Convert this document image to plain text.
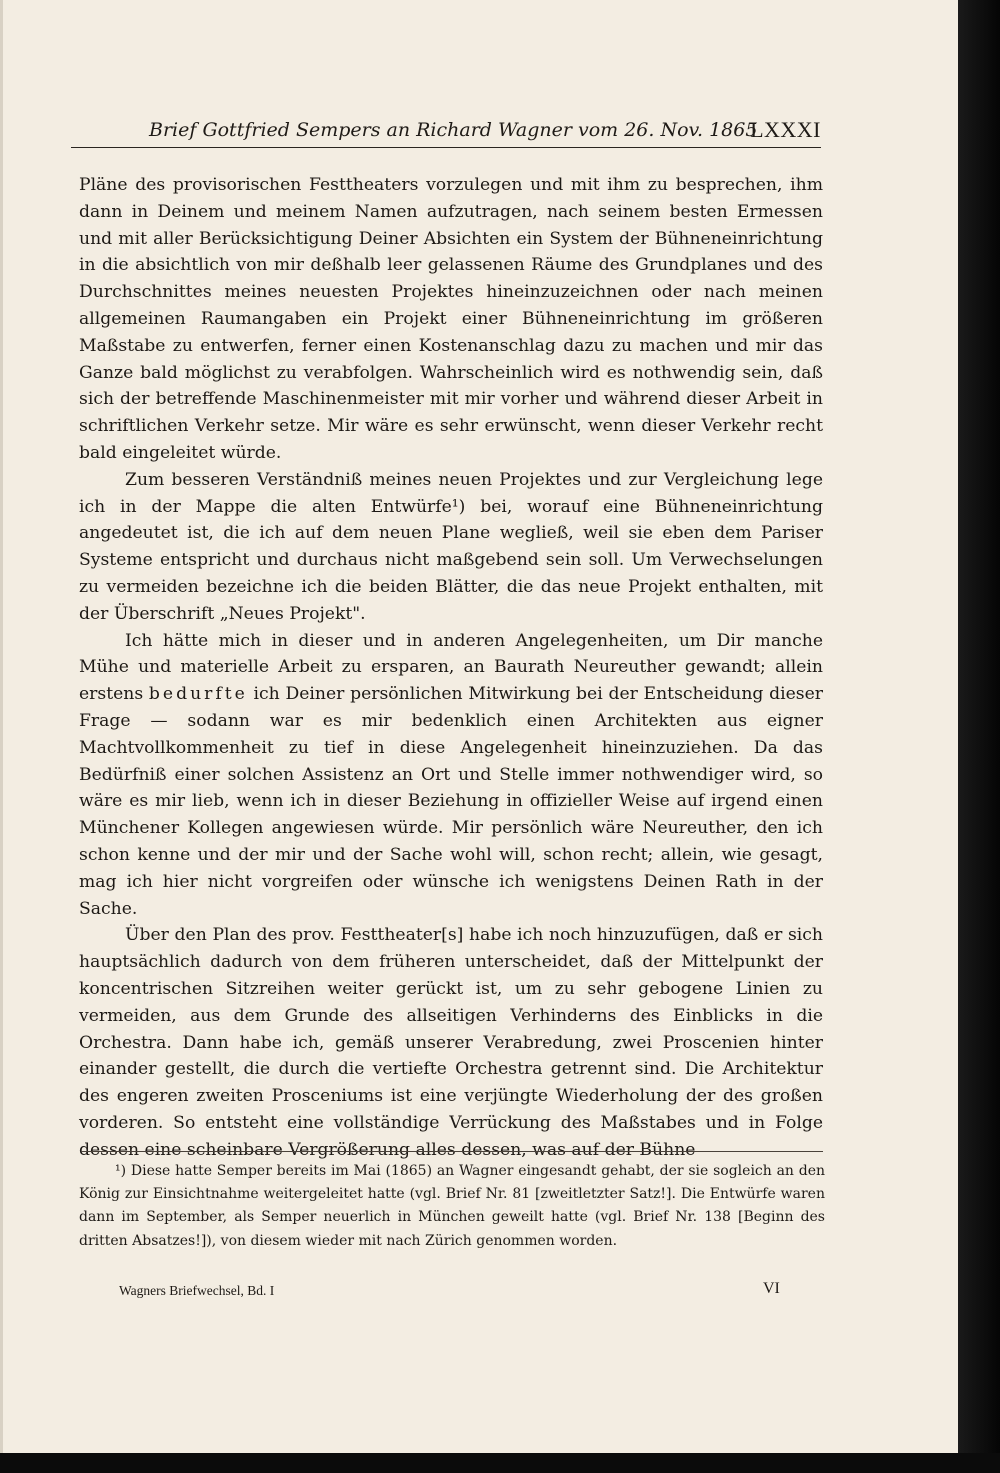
Brief Gottfried Sempers an Richard Wagner vom 26. Nov. 1865
LXXXI

Pläne des provisorischen Festtheaters vorzulegen und mit ihm zu besprechen, ihm dann in Deinem und meinem Namen aufzutragen, nach seinem besten Ermessen und mit aller Berücksichtigung Deiner Absichten ein System der Bühneneinrichtung in die absichtlich von mir deßhalb leer gelassenen Räume des Grundplanes und des Durchschnittes meines neuesten Projektes hineinzuzeichnen oder nach meinen allgemeinen Raumangaben ein Projekt einer Bühneneinrichtung im größeren Maßstabe zu entwerfen, ferner einen Kostenanschlag dazu zu machen und mir das Ganze bald möglichst zu verabfolgen. Wahrscheinlich wird es nothwendig sein, daß sich der betreffende Maschinenmeister mit mir vorher und während dieser Arbeit in schriftlichen Verkehr setze. Mir wäre es sehr erwünscht, wenn dieser Verkehr recht bald eingeleitet würde.

Zum besseren Verständniß meines neuen Projektes und zur Vergleichung lege ich in der Mappe die alten Entwürfe¹) bei, worauf eine Bühneneinrichtung angedeutet ist, die ich auf dem neuen Plane wegließ, weil sie eben dem Pariser Systeme entspricht und durchaus nicht maßgebend sein soll. Um Verwechselungen zu vermeiden bezeichne ich die beiden Blätter, die das neue Projekt enthalten, mit der Überschrift „Neues Projekt".

Ich hätte mich in dieser und in anderen Angelegenheiten, um Dir manche Mühe und materielle Arbeit zu ersparen, an Baurath Neureuther gewandt; allein erstens bedurfte ich Deiner persönlichen Mitwirkung bei der Entscheidung dieser Frage — sodann war es mir bedenklich einen Architekten aus eigner Machtvollkommenheit zu tief in diese Angelegenheit hineinzuziehen. Da das Bedürfniß einer solchen Assistenz an Ort und Stelle immer nothwendiger wird, so wäre es mir lieb, wenn ich in dieser Beziehung in offizieller Weise auf irgend einen Münchener Kollegen angewiesen würde. Mir persönlich wäre Neureuther, den ich schon kenne und der mir und der Sache wohl will, schon recht; allein, wie gesagt, mag ich hier nicht vorgreifen oder wünsche ich wenigstens Deinen Rath in der Sache.

Über den Plan des prov. Festtheater[s] habe ich noch hinzuzufügen, daß er sich hauptsächlich dadurch von dem früheren unterscheidet, daß der Mittelpunkt der koncentrischen Sitzreihen weiter gerückt ist, um zu sehr gebogene Linien zu vermeiden, aus dem Grunde des allseitigen Verhinderns des Einblicks in die Orchestra. Dann habe ich, gemäß unserer Verabredung, zwei Proscenien hinter einander gestellt, die durch die vertiefte Orchestra getrennt sind. Die Architektur des engeren zweiten Prosceniums ist eine verjüngte Wiederholung der des großen vorderen. So entsteht eine vollständige Verrückung des Maßstabes und in Folge dessen eine scheinbare Vergrößerung alles dessen, was auf der Bühne

¹) Diese hatte Semper bereits im Mai (1865) an Wagner eingesandt gehabt, der sie sogleich an den König zur Einsichtnahme weitergeleitet hatte (vgl. Brief Nr. 81 [zweitletzter Satz!]. Die Entwürfe waren dann im September, als Semper neuerlich in München geweilt hatte (vgl. Brief Nr. 138 [Beginn des dritten Absatzes!]), von diesem wieder mit nach Zürich genommen worden.
Wagners Briefwechsel, Bd. I	VI
